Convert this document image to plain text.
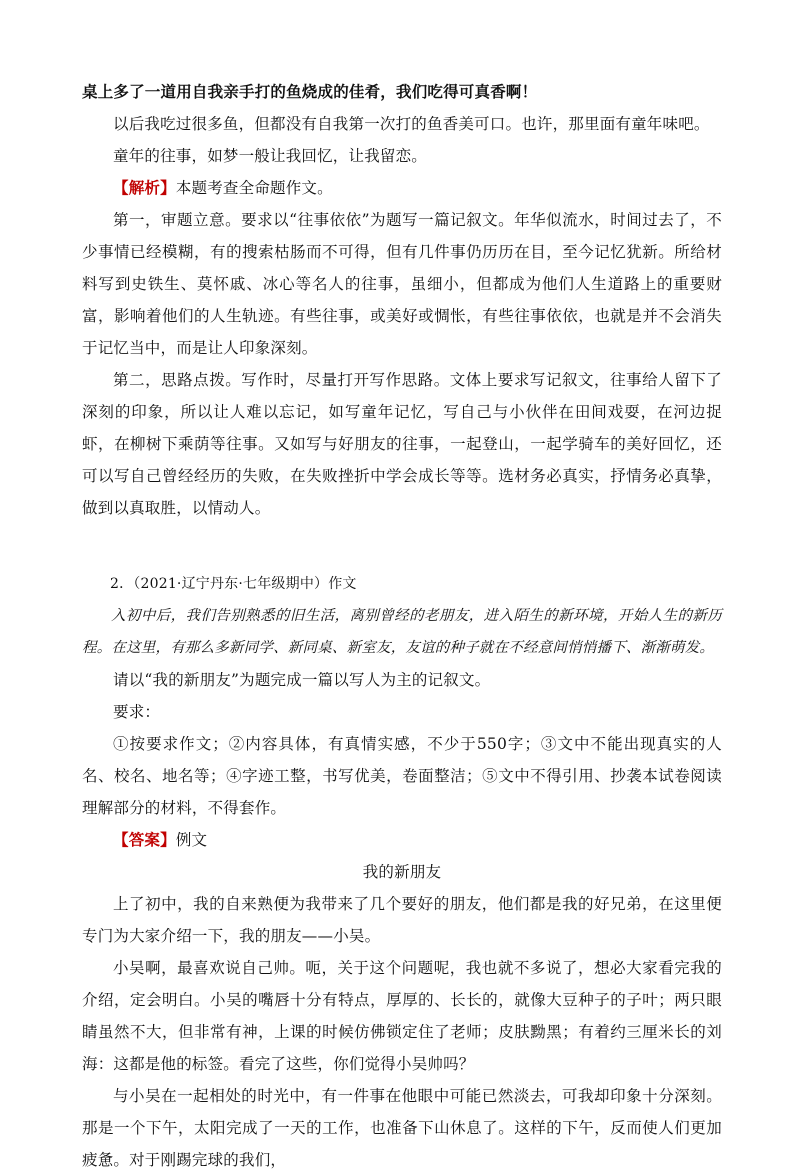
桌上多了一道用自我亲手打的鱼烧成的佳肴，我们吃得可真香啊！

以后我吃过很多鱼，但都没有自我第一次打的鱼香美可口。也许，那里面有童年味吧。

童年的往事，如梦一般让我回忆，让我留恋。

【解析】本题考查全命题作文。

第一，审题立意。要求以“往事依依”为题写一篇记叙文。年华似流水，时间过去了，不少事情已经模糊，有的搜索枯肠而不可得，但有几件事仍历历在目，至今记忆犹新。所给材料写到史铁生、莫怀戚、冰心等名人的往事，虽细小，但都成为他们人生道路上的重要财富，影响着他们的人生轨迹。有些往事，或美好或惆怅，有些往事依依，也就是并不会消失于记忆当中，而是让人印象深刻。

第二，思路点拨。写作时，尽量打开写作思路。文体上要求写记叙文，往事给人留下了深刻的印象，所以让人难以忘记，如写童年记忆，写自己与小伙伴在田间戏耍，在河边捉虾，在柳树下乘荫等往事。又如写与好朋友的往事，一起登山，一起学骑车的美好回忆，还可以写自己曾经经历的失败，在失败挫折中学会成长等等。选材务必真实，抒情务必真挚，做到以真取胜，以情动人。

2．（2021·辽宁丹东·七年级期中）作文

入初中后，我们告别熟悉的旧生活，离别曾经的老朋友，进入陌生的新环境，开始人生的新历程。在这里，有那么多新同学、新同桌、新室友，友谊的种子就在不经意间悄悄播下、渐渐萌发。

请以“我的新朋友”为题完成一篇以写人为主的记叙文。

要求：

①按要求作文；②内容具体，有真情实感，不少于550字；③文中不能出现真实的人名、校名、地名等；④字迹工整，书写优美，卷面整洁；⑤文中不得引用、抄袭本试卷阅读理解部分的材料，不得套作。

【答案】例文

我的新朋友

上了初中，我的自来熟便为我带来了几个要好的朋友，他们都是我的好兄弟，在这里便专门为大家介绍一下，我的朋友——小吴。

小吴啊，最喜欢说自己帅。呃，关于这个问题呢，我也就不多说了，想必大家看完我的介绍，定会明白。小吴的嘴唇十分有特点，厚厚的、长长的，就像大豆种子的子叶；两只眼睛虽然不大，但非常有神，上课的时候仿佛锁定住了老师；皮肤黝黑；有着约三厘米长的刘海：这都是他的标签。看完了这些，你们觉得小吴帅吗？

与小吴在一起相处的时光中，有一件事在他眼中可能已然淡去，可我却印象十分深刻。那是一个下午，太阳完成了一天的工作，也准备下山休息了。这样的下午，反而使人们更加疲惫。对于刚踢完球的我们，
